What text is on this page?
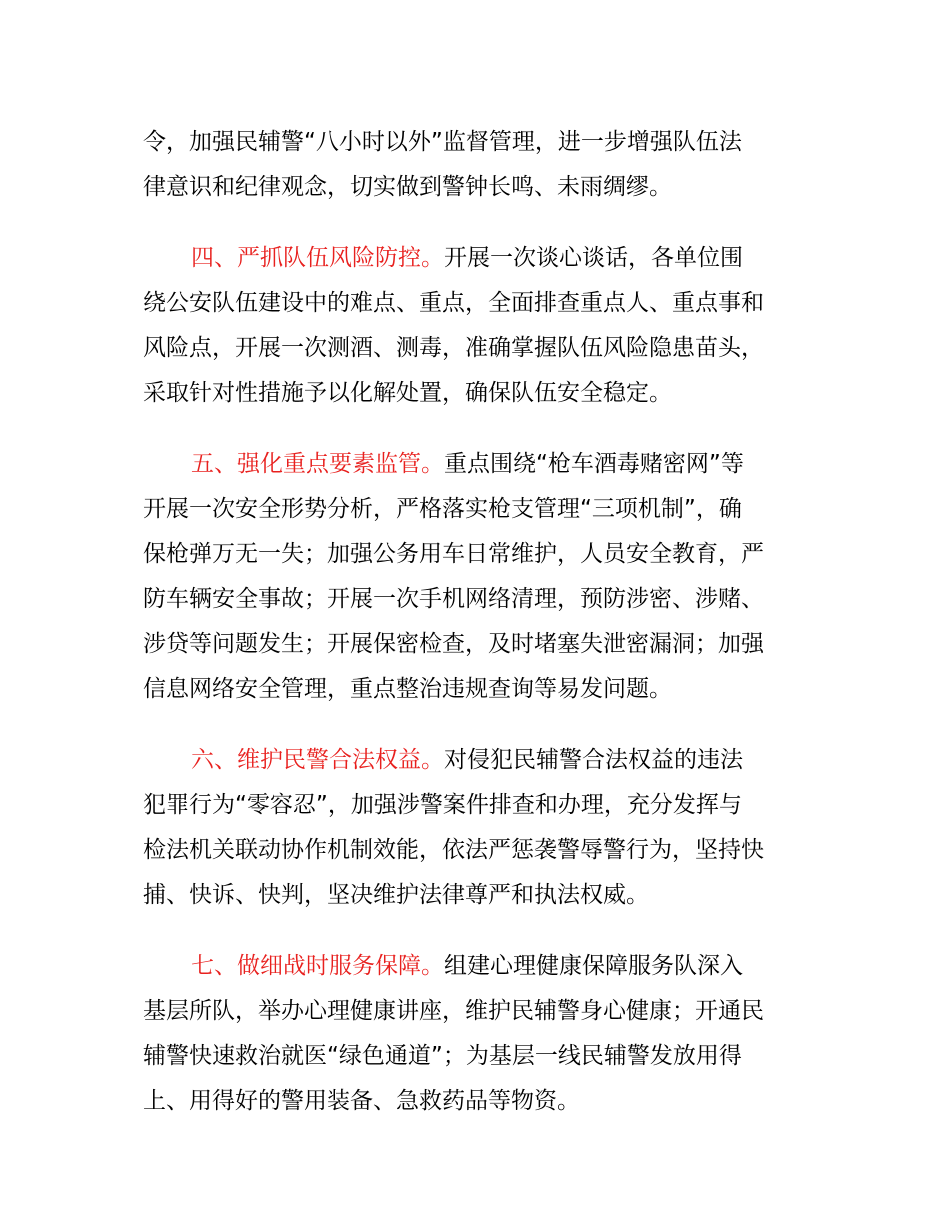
令，加强民辅警“八小时以外”监督管理，进一步增强队伍法
律意识和纪律观念，切实做到警钟长鸣、未雨绸缪。
四、严抓队伍风险防控。开展一次谈心谈话，各单位围
绕公安队伍建设中的难点、重点，全面排查重点人、重点事和
风险点，开展一次测酒、测毒，准确掌握队伍风险隐患苗头，
采取针对性措施予以化解处置，确保队伍安全稳定。
五、强化重点要素监管。重点围绕“枪车酒毒赌密网”等
开展一次安全形势分析，严格落实枪支管理“三项机制”，确
保枪弹万无一失；加强公务用车日常维护，人员安全教育，严
防车辆安全事故；开展一次手机网络清理，预防涉密、涉赌、
涉贷等问题发生；开展保密检查，及时堵塞失泄密漏洞；加强
信息网络安全管理，重点整治违规查询等易发问题。
六、维护民警合法权益。对侵犯民辅警合法权益的违法
犯罪行为“零容忍”，加强涉警案件排查和办理，充分发挥与
检法机关联动协作机制效能，依法严惩袭警辱警行为，坚持快
捕、快诉、快判，坚决维护法律尊严和执法权威。
七、做细战时服务保障。组建心理健康保障服务队深入
基层所队，举办心理健康讲座，维护民辅警身心健康；开通民
辅警快速救治就医“绿色通道”；为基层一线民辅警发放用得
上、用得好的警用装备、急救药品等物资。
